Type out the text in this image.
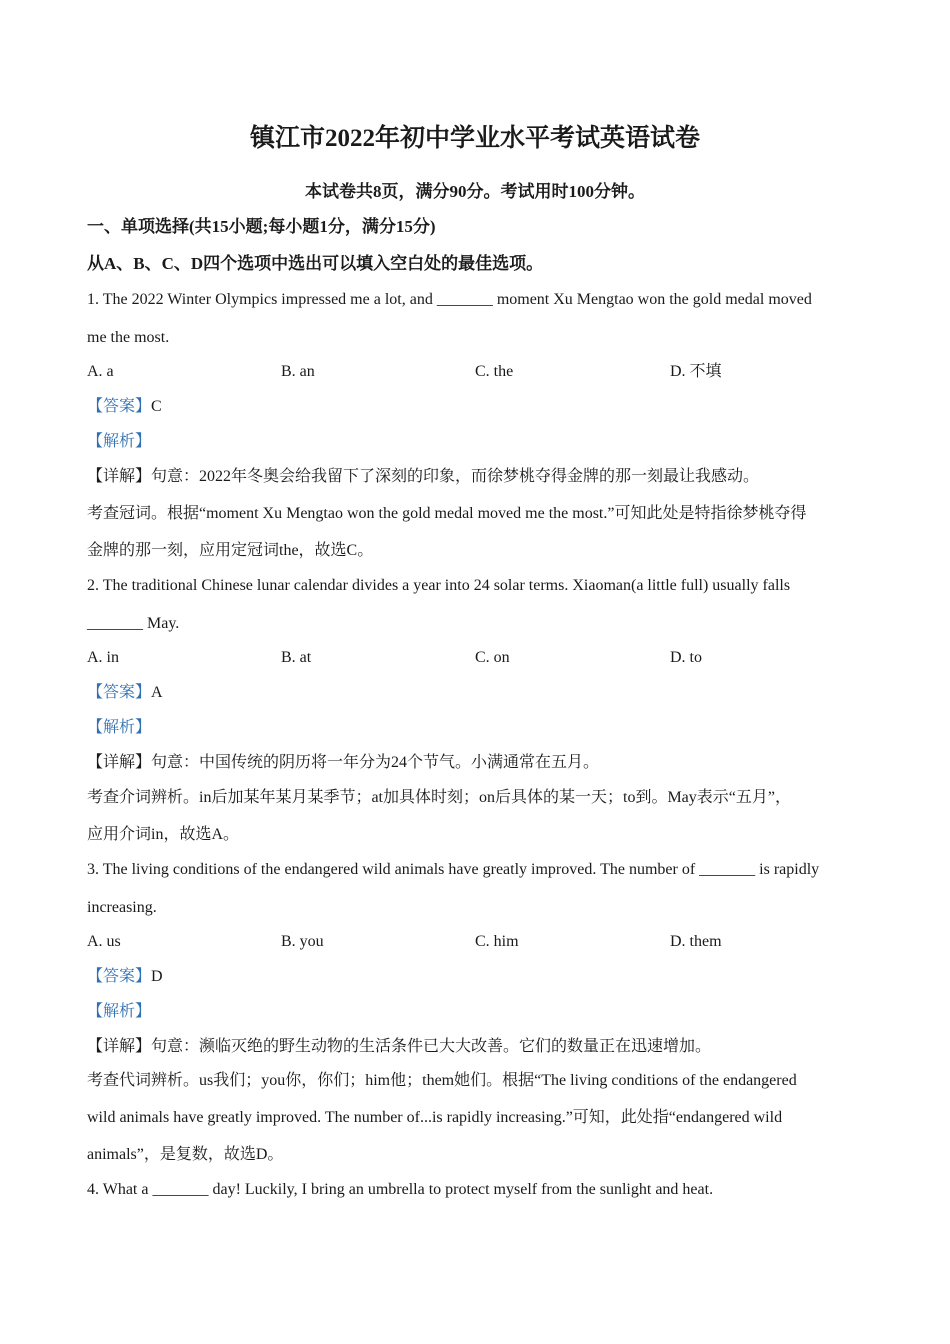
镇江市2022年初中学业水平考试英语试卷
本试卷共8页，满分90分。考试用时100分钟。
一、单项选择(共15小题;每小题1分，满分15分)
从A、B、C、D四个选项中选出可以填入空白处的最佳选项。
1. The 2022 Winter Olympics impressed me a lot, and _______ moment Xu Mengtao won the gold medal moved
me the most.
A. a	B. an	C. the	D. 不填
【答案】C
【解析】
【详解】句意：2022年冬奥会给我留下了深刻的印象，而徐梦桃夺得金牌的那一刻最让我感动。
考查冠词。根据“moment Xu Mengtao won the gold medal moved me the most.”可知此处是特指徐梦桃夺得
金牌的那一刻，应用定冠词the，故选C。
2. The traditional Chinese lunar calendar divides a year into 24 solar terms. Xiaoman(a little full) usually falls
_______ May.
A. in	B. at	C. on	D. to
【答案】A
【解析】
【详解】句意：中国传统的阴历将一年分为24个节气。小满通常在五月。
考查介词辨析。in后加某年某月某季节；at加具体时刻；on后具体的某一天；to到。May表示“五月”，
应用介词in，故选A。
3. The living conditions of the endangered wild animals have greatly improved. The number of _______ is rapidly
increasing.
A. us	B. you	C. him	D. them
【答案】D
【解析】
【详解】句意：濒临灭绝的野生动物的生活条件已大大改善。它们的数量正在迅速增加。
考查代词辨析。us我们；you你，你们；him他；them她们。根据“The living conditions of the endangered
wild animals have greatly improved. The number of...is rapidly increasing.”可知，此处指“endangered wild
animals”，是复数，故选D。
4. What a _______ day! Luckily, I bring an umbrella to protect myself from the sunlight and heat.
